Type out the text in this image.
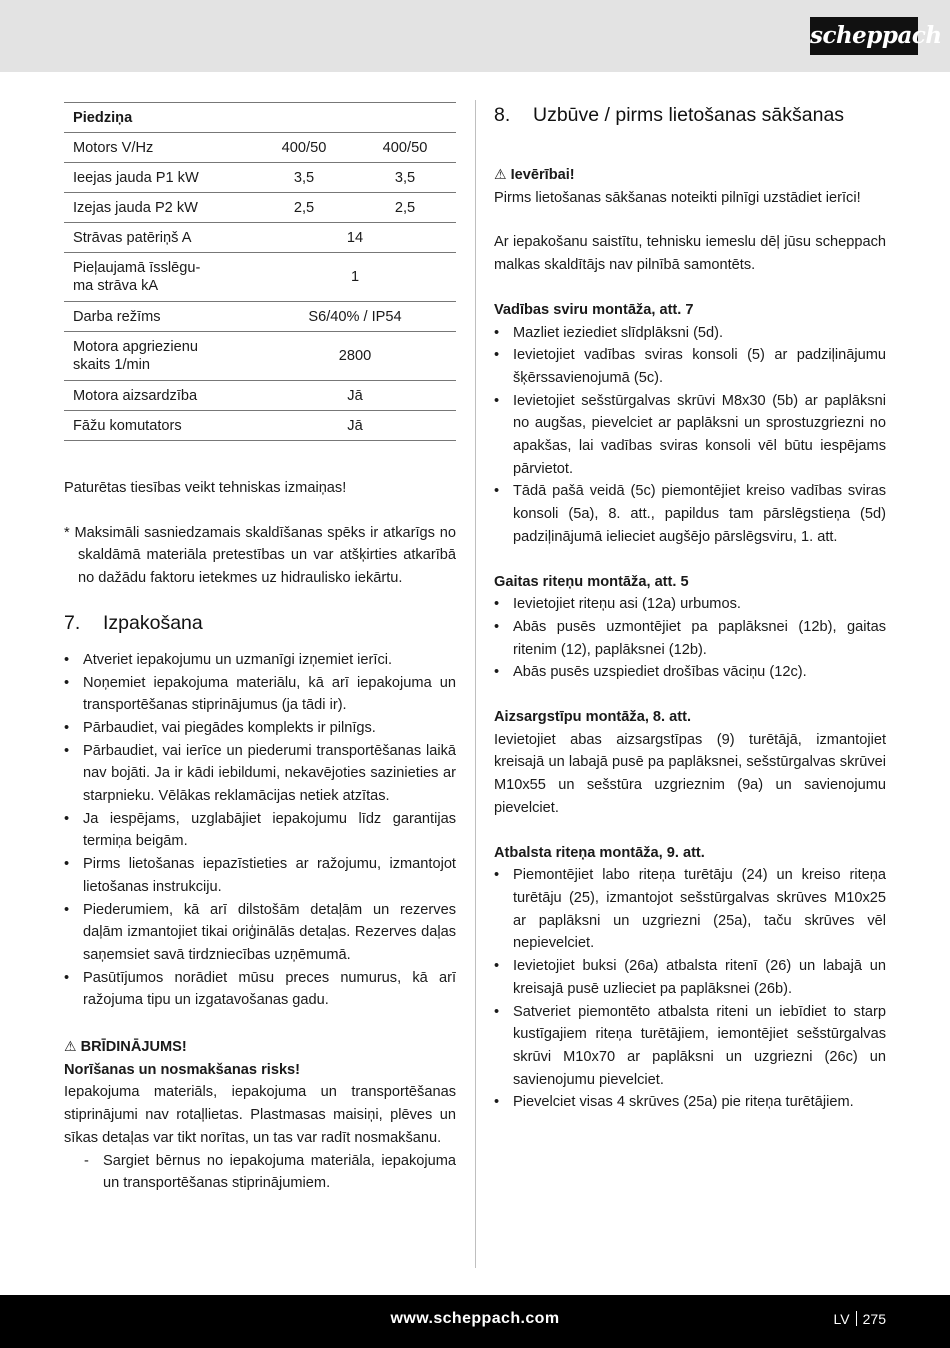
scheppach
Piedziņa		
Motors V/Hz	400/50	400/50
Ieejas jauda P1 kW	3,5	3,5
Izejas jauda P2 kW	2,5	2,5
Strāvas patēriņš A	14	
Pieļaujamā īsslēgu-
ma strāva kA	1	
Darba režīms	S6/40% / IP54	
Motora apgriezienu
skaits 1/min	2800	
Motora aizsardzība	Jā	
Fāžu komutators	Jā	

Paturētas tiesības veikt tehniskas izmaiņas!

* Maksimāli sasniedzamais skaldīšanas spēks ir atkarīgs no skaldāmā materiāla pretestības un var atšķirties atkarībā no dažādu faktoru ietekmes uz hidraulisko iekārtu.

7.	Izpakošana
• Atveriet iepakojumu un uzmanīgi izņemiet ierīci.
• Noņemiet iepakojuma materiālu, kā arī iepakojuma un transportēšanas stiprinājumus (ja tādi ir).
• Pārbaudiet, vai piegādes komplekts ir pilnīgs.
• Pārbaudiet, vai ierīce un piederumi transportēšanas laikā nav bojāti. Ja ir kādi iebildumi, nekavējoties sazinieties ar starpnieku. Vēlākas reklamācijas netiek atzītas.
• Ja iespējams, uzglabājiet iepakojumu līdz garantijas termiņa beigām.
• Pirms lietošanas iepazīstieties ar ražojumu, izmantojot lietošanas instrukciju.
• Piederumiem, kā arī dilstošām detaļām un rezerves daļām izmantojiet tikai oriģinālās detaļas. Rezerves daļas saņemsiet savā tirdzniecības uzņēmumā.
• Pasūtījumos norādiet mūsu preces numurus, kā arī ražojuma tipu un izgatavošanas gadu.

⚠ BRĪDINĀJUMS!

Norīšanas un nosmakšanas risks!

Iepakojuma materiāls, iepakojuma un transportēšanas stiprinājumi nav rotaļlietas. Plastmasas maisiņi, plēves un sīkas detaļas var tikt norītas, un tas var radīt nosmakšanu.

- Sargiet bērnus no iepakojuma materiāla, iepakojuma un transportēšanas stiprinājumiem.
8.	Uzbūve / pirms lietošanas sākšanas

⚠ Ievērībai!

Pirms lietošanas sākšanas noteikti pilnīgi uzstādiet ierīci!

Ar iepakošanu saistītu, tehnisku iemeslu dēļ jūsu scheppach malkas skaldītājs nav pilnībā samontēts.

Vadības sviru montāža, att. 7

• Mazliet ieziediet slīdplāksni (5d).
• Ievietojiet vadības sviras konsoli (5) ar padziļinājumu šķērssavienojumā (5c).
• Ievietojiet sešstūrgalvas skrūvi M8x30 (5b) ar paplāksni no augšas, pievelciet ar paplāksni un sprostuzgriezni no apakšas, lai vadības sviras konsoli vēl būtu iespējams pārvietot.
• Tādā pašā veidā (5c) piemontējiet kreiso vadības sviras konsoli (5a), 8. att., papildus tam pārslēgstieņa (5d) padziļinājumā ielieciet augšējo pārslēgsviru, 1. att.

Gaitas riteņu montāža, att. 5

• Ievietojiet riteņu asi (12a) urbumos.
• Abās pusēs uzmontējiet pa paplāksnei (12b), gaitas ritenim (12), paplāksnei (12b).
• Abās pusēs uzspiediet drošības vāciņu (12c).

Aizsargstīpu montāža, 8. att.

Ievietojiet abas aizsargstīpas (9) turētājā, izmantojiet kreisajā un labajā pusē pa paplāksnei, sešstūrgalvas skrūvei M10x55 un sešstūra uzgrieznim (9a) un savienojumu pievelciet.

Atbalsta riteņa montāža, 9. att.

• Piemontējiet labo riteņa turētāju (24) un kreiso riteņa turētāju (25), izmantojot sešstūrgalvas skrūves M10x25 ar paplāksni un uzgriezni (25a), taču skrūves vēl nepievelciet.
• Ievietojiet buksi (26a) atbalsta ritenī (26) un labajā un kreisajā pusē uzlieciet pa paplāksnei (26b).
• Satveriet piemontēto atbalsta riteni un iebīdiet to starp kustīgajiem riteņa turētājiem, iemontējiet sešstūrgalvas skrūvi M10x70 ar paplāksni un uzgriezni (26c) un savienojumu pievelciet.
• Pievelciet visas 4 skrūves (25a) pie riteņa turētājiem.
www.scheppach.com	LV 275
